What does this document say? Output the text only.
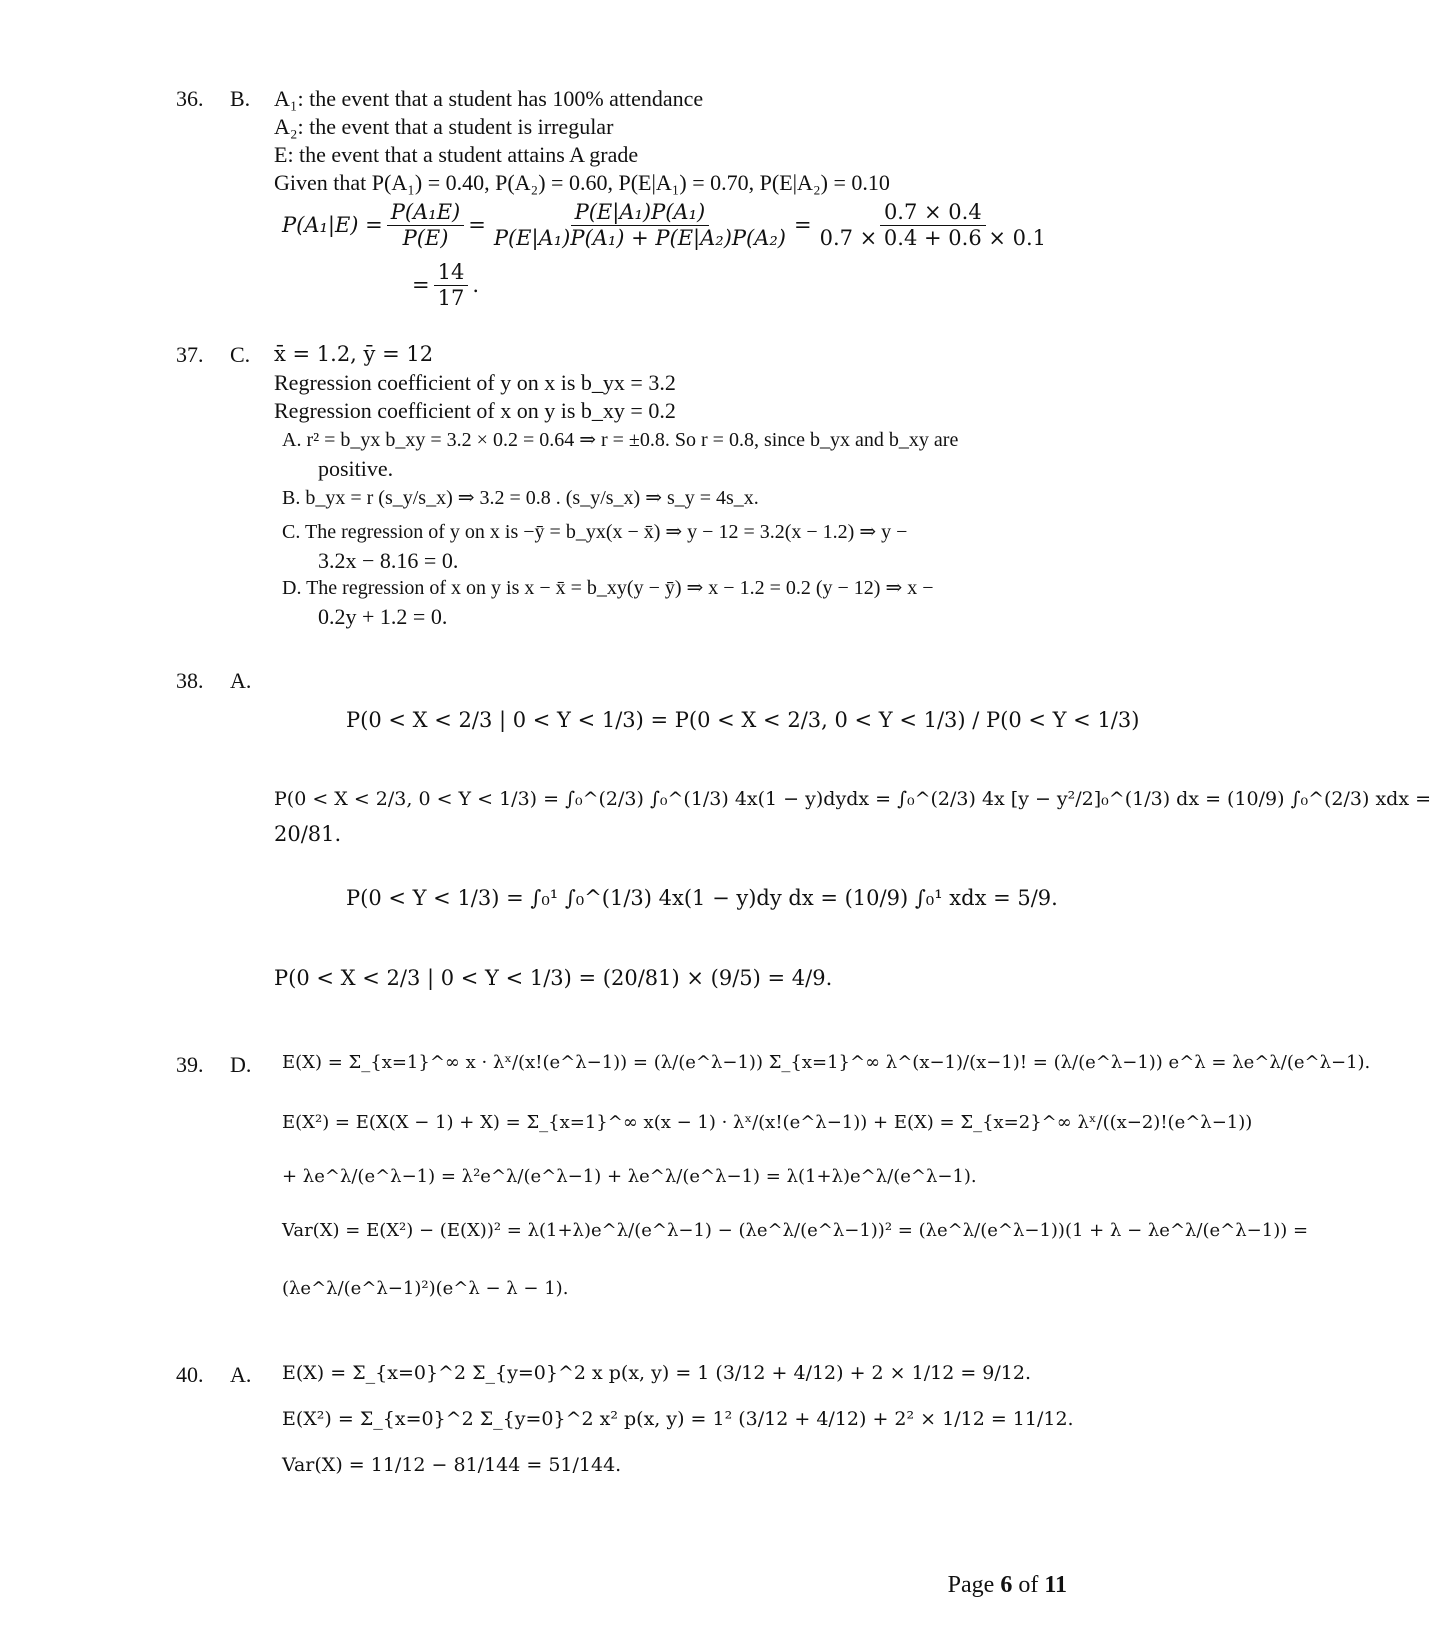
36. B. A₁: the event that a student has 100% attendance
A₂: the event that a student is irregular
E: the event that a student attains A grade
Given that P(A₁) = 0.40, P(A₂) = 0.60, P(E|A₁) = 0.70, P(E|A₂) = 0.10
$P(A_1|E) = \frac{\text{P(A₁E)}}{P(E)} = \frac{\text{P(E|A₁)P(A₁)}}{\text{P(E|A₁)P(A₁) + P(E|A₂)P(A₂)}} = \frac{0.7 \times 0.4}{0.7 \times 0.4 + 0.6 \times 0.1}$
= $\frac{14}{17}$ .
37. C. x̄ = 1.2, ȳ = 12
Regression coefficient of y on x is b_yx = 3.2
Regression coefficient of x on y is b_xy = 0.2
A. r² = b_yx b_xy = 3.2 × 0.2 = 0.64 ⇒ r = ±0.8. So r = 0.8, since b_yx and b_xy are
positive.
B. b_yx = r (s_y/s_x) ⇒ 3.2 = 0.8 . (s_y/s_x) ⇒ s_y = 4s_x.
C. The regression of y on x is −ȳ = b_yx(x − x̄) ⇒ y − 12 = 3.2(x − 1.2) ⇒ y −
3.2x − 8.16 = 0.
D. The regression of x on y is x − x̄ = b_xy(y − ȳ) ⇒ x − 1.2 = 0.2 (y − 12) ⇒ x −
0.2y + 1.2 = 0.
38. A.
P(0 < X < 2/3 | 0 < Y < 1/3) = P(0 < X < 2/3, 0 < Y < 1/3) / P(0 < Y < 1/3)
P(0 < X < 2/3, 0 < Y < 1/3) = ∫₀^(2/3) ∫₀^(1/3) 4x(1 − y)dydx = ∫₀^(2/3) 4x [y − y²/2]₀^(1/3) dx = (10/9) ∫₀^(2/3) xdx =
20/81.
P(0 < Y < 1/3) = ∫₀¹ ∫₀^(1/3) 4x(1 − y)dy dx = (10/9) ∫₀¹ xdx = 5/9.
P(0 < X < 2/3 | 0 < Y < 1/3) = (20/81) × (9/5) = 4/9.
39. D. E(X) = Σ_{x=1}^∞ x · λˣ/(x!(e^λ−1)) = (λ/(e^λ−1)) Σ_{x=1}^∞ λ^(x−1)/(x−1)! = (λ/(e^λ−1)) e^λ = λe^λ/(e^λ−1).
E(X²) = E(X(X − 1) + X) = Σ_{x=1}^∞ x(x − 1) · λˣ/(x!(e^λ−1)) + E(X) = Σ_{x=2}^∞ λˣ/((x−2)!(e^λ−1))
+ λe^λ/(e^λ−1) = λ²e^λ/(e^λ−1) + λe^λ/(e^λ−1) = λ(1+λ)e^λ/(e^λ−1).
Var(X) = E(X²) − (E(X))² = λ(1+λ)e^λ/(e^λ−1) − (λe^λ/(e^λ−1))² = (λe^λ/(e^λ−1))(1 + λ − λe^λ/(e^λ−1)) =
(λe^λ/(e^λ−1)²)(e^λ − λ − 1).
40. A. E(X) = Σ_{x=0}^2 Σ_{y=0}^2 x p(x, y) = 1 (3/12 + 4/12) + 2 × 1/12 = 9/12.
E(X²) = Σ_{x=0}^2 Σ_{y=0}^2 x² p(x, y) = 1² (3/12 + 4/12) + 2² × 1/12 = 11/12.
Var(X) = 11/12 − 81/144 = 51/144.
Page 6 of 11
